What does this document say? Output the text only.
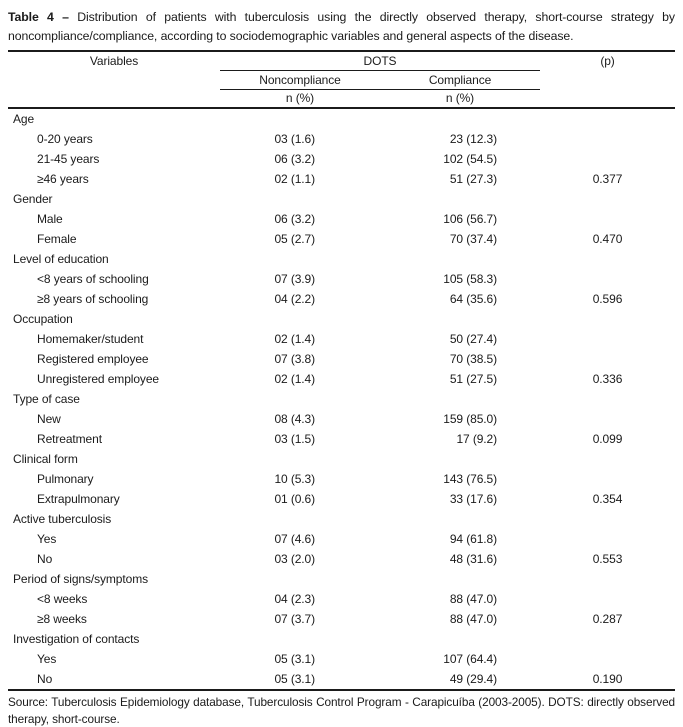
Table 4 – Distribution of patients with tuberculosis using the directly observed therapy, short-course strategy by noncompliance/compliance, according to sociodemographic variables and general aspects of the disease.

Variables	DOTS
Noncompliance	Compliance
n (%)	n (%)
(p)
Age
0-20 years	03 (1.6)	23 (12.3)
21-45 years	06 (3.2)	102 (54.5)
≥46 years	02 (1.1)	51 (27.3)	0.377
Gender
Male	06 (3.2)	106 (56.7)
Female	05 (2.7)	70 (37.4)	0.470
Level of education
<8 years of schooling	07 (3.9)	105 (58.3)
≥8 years of schooling	04 (2.2)	64 (35.6)	0.596
Occupation
Homemaker/student	02 (1.4)	50 (27.4)
Registered employee	07 (3.8)	70 (38.5)
Unregistered employee	02 (1.4)	51 (27.5)	0.336
Type of case
New	08 (4.3)	159 (85.0)
Retreatment	03 (1.5)	17 (9.2)	0.099
Clinical form
Pulmonary	10 (5.3)	143 (76.5)
Extrapulmonary	01 (0.6)	33 (17.6)	0.354
Active tuberculosis
Yes	07 (4.6)	94 (61.8)
No	03 (2.0)	48 (31.6)	0.553
Period of signs/symptoms
<8 weeks	04 (2.3)	88 (47.0)
≥8 weeks	07 (3.7)	88 (47.0)	0.287
Investigation of contacts
Yes	05 (3.1)	107 (64.4)
No	05 (3.1)	49 (29.4)	0.190

Source: Tuberculosis Epidemiology database, Tuberculosis Control Program - Carapicuíba (2003-2005). DOTS: directly observed therapy, short-course.
